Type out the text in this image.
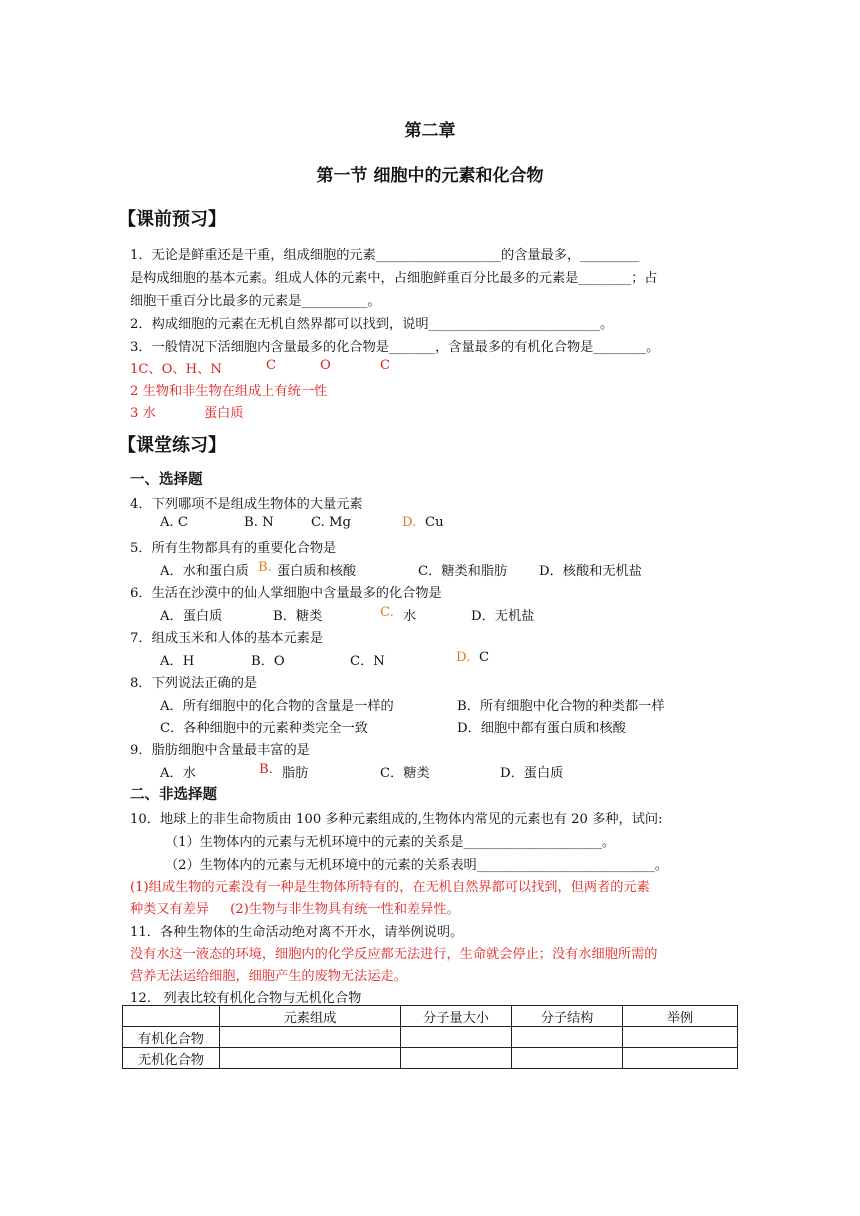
第二章
第一节 细胞中的元素和化合物
【课前预习】
1．无论是鲜重还是干重，组成细胞的元素___________________的含量最多，_________
是构成细胞的基本元素。组成人体的元素中，占细胞鲜重百分比最多的元素是________；占
细胞干重百分比最多的元素是__________。
2．构成细胞的元素在无机自然界都可以找到，说明__________________________。
3．一般情况下活细胞内含量最多的化合物是_______，含量最多的有机化合物是________。
1C、O、H、N	C	O	C
2 生物和非生物在组成上有统一性
3 水	蛋白质
【课堂练习】
一、选择题
4．下列哪项不是组成生物体的大量元素
A. C	B. N	C. Mg	D. Cu
5．所有生物都具有的重要化合物是
A．水和蛋白质 B. 蛋白质和核酸	C．糖类和脂肪 D．核酸和无机盐
6．生活在沙漠中的仙人掌细胞中含量最多的化合物是
A．蛋白质	B．糖类	C. 水	D．无机盐
7．组成玉米和人体的基本元素是
A．H	B．O	C．N	D. C
8．下列说法正确的是
A．所有细胞中的化合物的含量是一样的	B．所有细胞中化合物的种类都一样
C．各种细胞中的元素种类完全一致	D．细胞中都有蛋白质和核酸
9．脂肪细胞中含量最丰富的是
A．水	B. 脂肪	C．糖类	D．蛋白质
二、非选择题
10．地球上的非生命物质由 100 多种元素组成的,生物体内常见的元素也有 20 多种，试问:
（1）生物体内的元素与无机环境中的元素的关系是_____________________。
（2）生物体内的元素与无机环境中的元素的关系表明___________________________。
(1)组成生物的元素没有一种是生物体所特有的，在无机自然界都可以找到，但两者的元素
种类又有差异     (2)生物与非生物具有统一性和差异性。
11．各种生物体的生命活动绝对离不开水，请举例说明。
没有水这一液态的环境，细胞内的化学反应都无法进行，生命就会停止；没有水细胞所需的
营养无法运给细胞，细胞产生的废物无法运走。
12.   列表比较有机化合物与无机化合物
	元素组成	分子量大小	分子结构	举例
有机化合物				
无机化合物				
